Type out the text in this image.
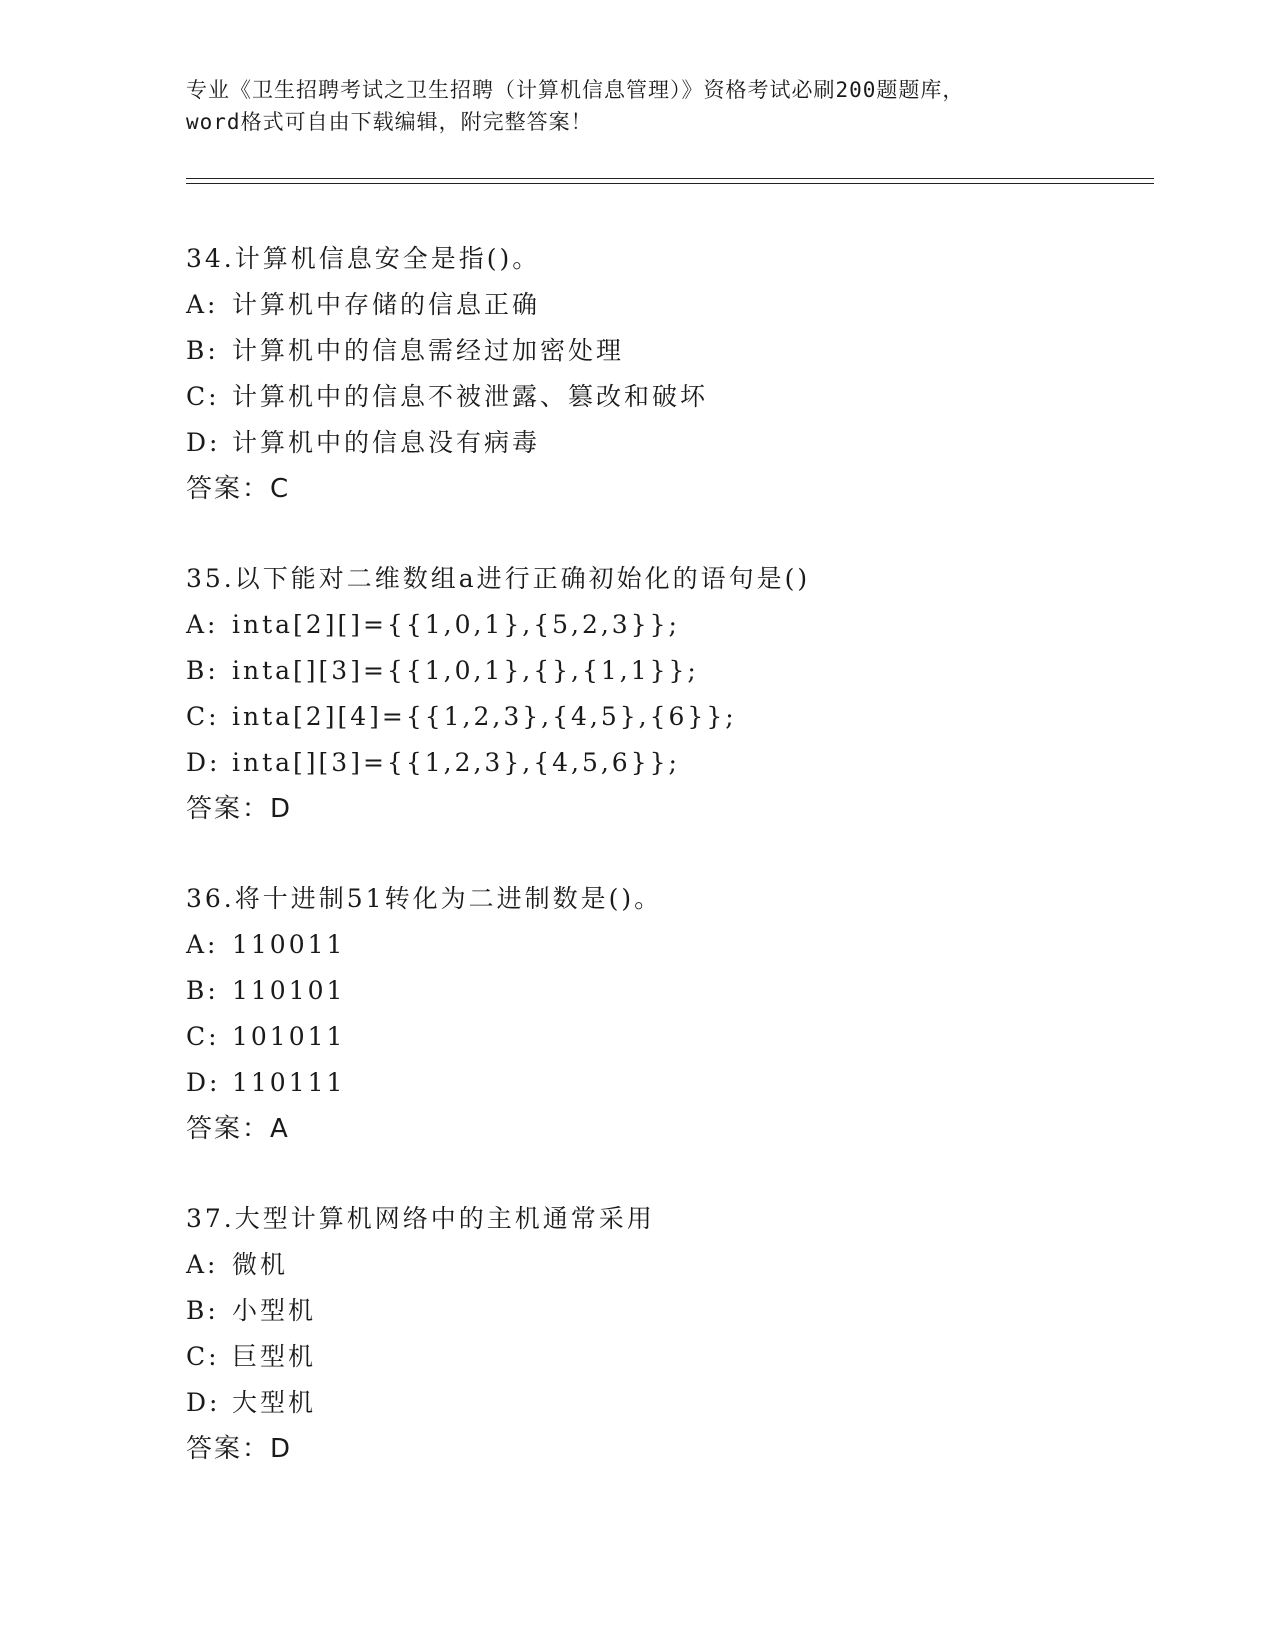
专业《卫生招聘考试之卫生招聘（计算机信息管理）》资格考试必刷200题题库，
word格式可自由下载编辑，附完整答案！
34.计算机信息安全是指()。
A: 计算机中存储的信息正确
B: 计算机中的信息需经过加密处理
C: 计算机中的信息不被泄露、篡改和破坏
D: 计算机中的信息没有病毒
答案：C
35.以下能对二维数组a进行正确初始化的语句是()
A: inta[2][]={{1,0,1},{5,2,3}};
B: inta[][3]={{1,0,1},{},{1,1}};
C: inta[2][4]={{1,2,3},{4,5},{6}};
D: inta[][3]={{1,2,3},{4,5,6}};
答案：D
36.将十进制51转化为二进制数是()。
A: 110011
B: 110101
C: 101011
D: 110111
答案：A
37.大型计算机网络中的主机通常采用
A: 微机
B: 小型机
C: 巨型机
D: 大型机
答案：D
